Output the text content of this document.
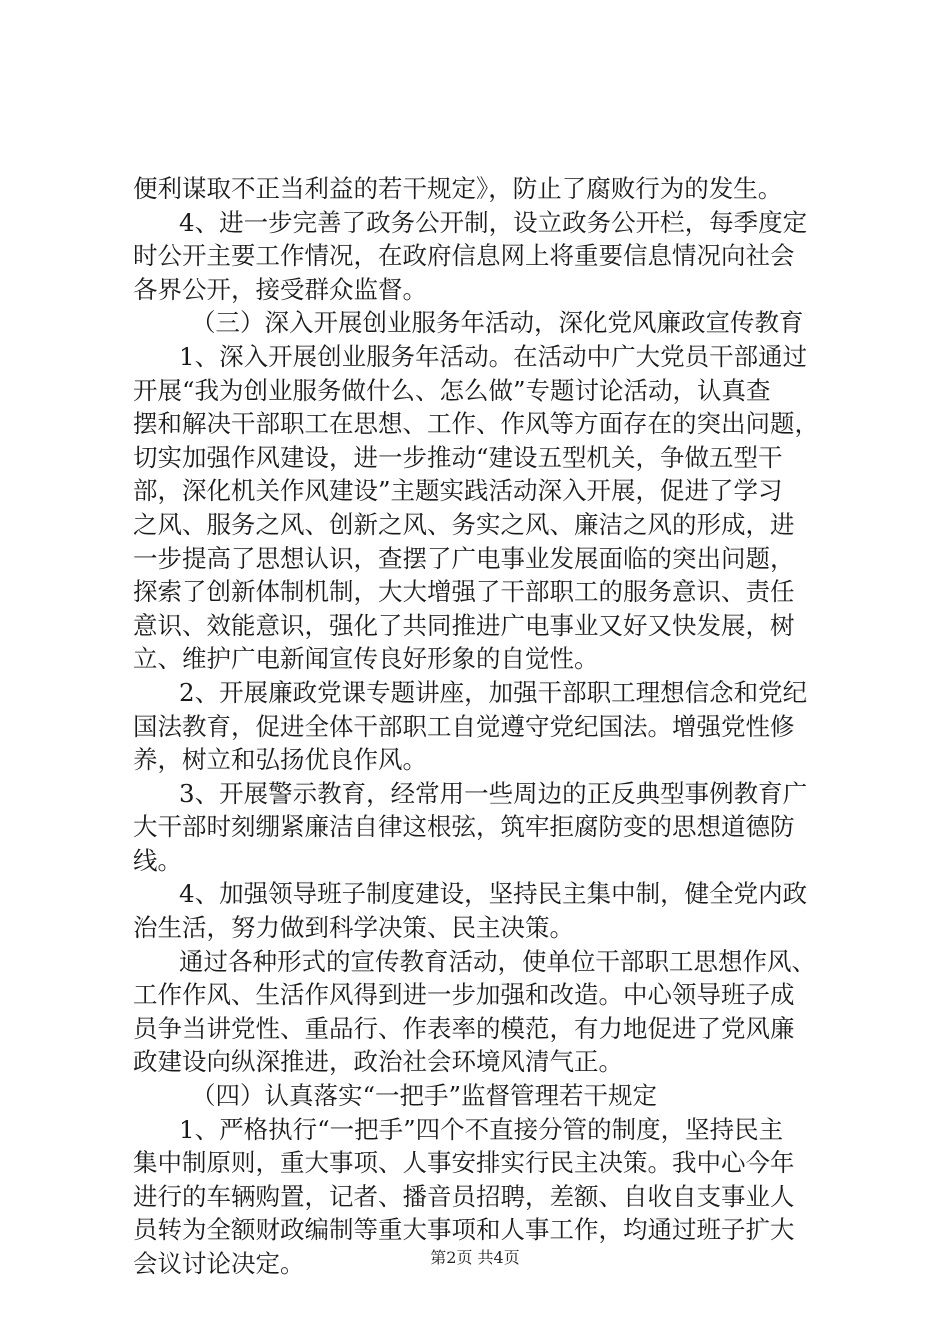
便利谋取不正当利益的若干规定》，防止了腐败行为的发生。
4、进一步完善了政务公开制，设立政务公开栏，每季度定
时公开主要工作情况，在政府信息网上将重要信息情况向社会
各界公开，接受群众监督。
（三）深入开展创业服务年活动，深化党风廉政宣传教育
1、深入开展创业服务年活动。在活动中广大党员干部通过
开展“我为创业服务做什么、怎么做”专题讨论活动，认真查
摆和解决干部职工在思想、工作、作风等方面存在的突出问题，
切实加强作风建设，进一步推动“建设五型机关，争做五型干
部，深化机关作风建设”主题实践活动深入开展，促进了学习
之风、服务之风、创新之风、务实之风、廉洁之风的形成，进
一步提高了思想认识，查摆了广电事业发展面临的突出问题，
探索了创新体制机制，大大增强了干部职工的服务意识、责任
意识、效能意识，强化了共同推进广电事业又好又快发展，树
立、维护广电新闻宣传良好形象的自觉性。
2、开展廉政党课专题讲座，加强干部职工理想信念和党纪
国法教育，促进全体干部职工自觉遵守党纪国法。增强党性修
养，树立和弘扬优良作风。
3、开展警示教育，经常用一些周边的正反典型事例教育广
大干部时刻绷紧廉洁自律这根弦，筑牢拒腐防变的思想道德防
线。
4、加强领导班子制度建设，坚持民主集中制，健全党内政
治生活，努力做到科学决策、民主决策。
通过各种形式的宣传教育活动，使单位干部职工思想作风、
工作作风、生活作风得到进一步加强和改造。中心领导班子成
员争当讲党性、重品行、作表率的模范，有力地促进了党风廉
政建设向纵深推进，政治社会环境风清气正。
（四）认真落实“一把手”监督管理若干规定
1、严格执行“一把手”四个不直接分管的制度，坚持民主
集中制原则，重大事项、人事安排实行民主决策。我中心今年
进行的车辆购置，记者、播音员招聘，差额、自收自支事业人
员转为全额财政编制等重大事项和人事工作，均通过班子扩大
会议讨论决定。	第2页 共4页
